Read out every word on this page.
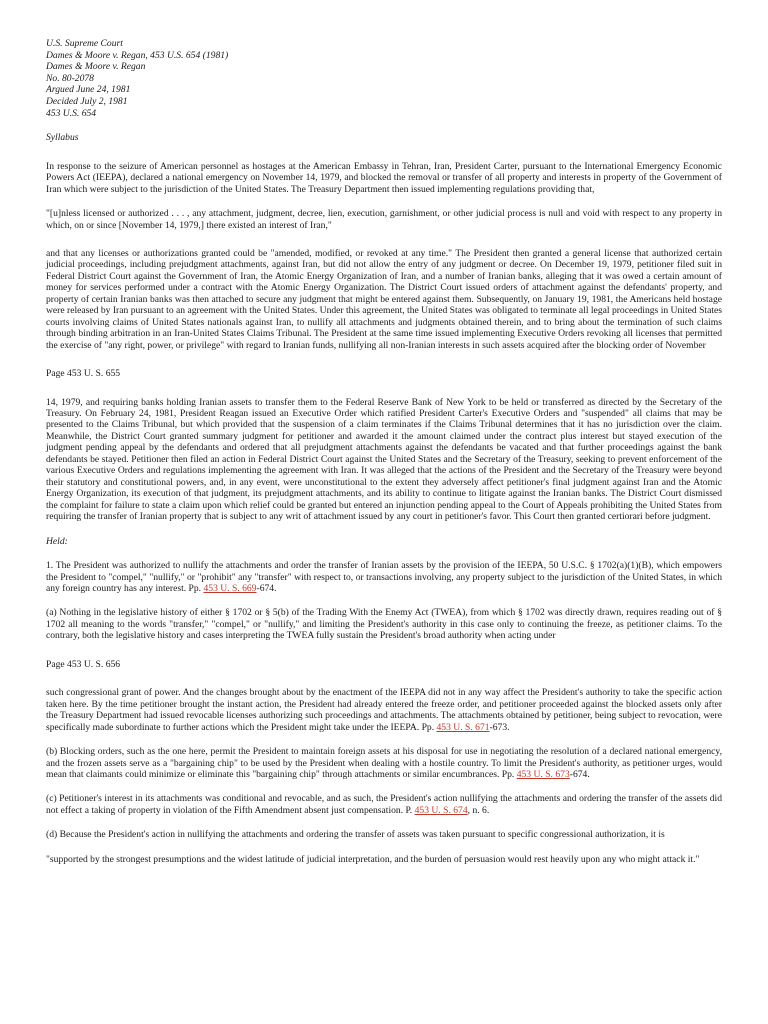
U.S. Supreme Court
Dames & Moore v. Regan, 453 U.S. 654 (1981)
Dames & Moore v. Regan
No. 80-2078
Argued June 24, 1981
Decided July 2, 1981
453 U.S. 654
Syllabus

In response to the seizure of American personnel as hostages at the American Embassy in Tehran, Iran, President Carter, pursuant to the International Emergency Economic Powers Act (IEEPA), declared a national emergency on November 14, 1979, and blocked the removal or transfer of all property and interests in property of the Government of Iran which were subject to the jurisdiction of the United States. The Treasury Department then issued implementing regulations providing that,

"[u]nless licensed or authorized . . . , any attachment, judgment, decree, lien, execution, garnishment, or other judicial process is null and void with respect to any property in which, on or since [November 14, 1979,] there existed an interest of Iran,"

and that any licenses or authorizations granted could be "amended, modified, or revoked at any time." The President then granted a general license that authorized certain judicial proceedings, including prejudgment attachments, against Iran, but did not allow the entry of any judgment or decree. On December 19, 1979, petitioner filed suit in Federal District Court against the Government of Iran, the Atomic Energy Organization of Iran, and a number of Iranian banks, alleging that it was owed a certain amount of money for services performed under a contract with the Atomic Energy Organization. The District Court issued orders of attachment against the defendants' property, and property of certain Iranian banks was then attached to secure any judgment that might be entered against them. Subsequently, on January 19, 1981, the Americans held hostage were released by Iran pursuant to an agreement with the United States. Under this agreement, the United States was obligated to terminate all legal proceedings in United States courts involving claims of United States nationals against Iran, to nullify all attachments and judgments obtained therein, and to bring about the termination of such claims through binding arbitration in an Iran-United States Claims Tribunal. The President at the same time issued implementing Executive Orders revoking all licenses that permitted the exercise of "any right, power, or privilege" with regard to Iranian funds, nullifying all non-Iranian interests in such assets acquired after the blocking order of November

Page 453 U. S. 655

14, 1979, and requiring banks holding Iranian assets to transfer them to the Federal Reserve Bank of New York to be held or transferred as directed by the Secretary of the Treasury. On February 24, 1981, President Reagan issued an Executive Order which ratified President Carter's Executive Orders and "suspended" all claims that may be presented to the Claims Tribunal, but which provided that the suspension of a claim terminates if the Claims Tribunal determines that it has no jurisdiction over the claim. Meanwhile, the District Court granted summary judgment for petitioner and awarded it the amount claimed under the contract plus interest but stayed execution of the judgment pending appeal by the defendants and ordered that all prejudgment attachments against the defendants be vacated and that further proceedings against the bank defendants be stayed. Petitioner then filed an action in Federal District Court against the United States and the Secretary of the Treasury, seeking to prevent enforcement of the various Executive Orders and regulations implementing the agreement with Iran. It was alleged that the actions of the President and the Secretary of the Treasury were beyond their statutory and constitutional powers, and, in any event, were unconstitutional to the extent they adversely affect petitioner's final judgment against Iran and the Atomic Energy Organization, its execution of that judgment, its prejudgment attachments, and its ability to continue to litigate against the Iranian banks. The District Court dismissed the complaint for failure to state a claim upon which relief could be granted but entered an injunction pending appeal to the Court of Appeals prohibiting the United States from requiring the transfer of Iranian property that is subject to any writ of attachment issued by any court in petitioner's favor. This Court then granted certiorari before judgment.

Held:

1. The President was authorized to nullify the attachments and order the transfer of Iranian assets by the provision of the IEEPA, 50 U.S.C. § 1702(a)(1)(B), which empowers the President to "compel," "nullify," or "prohibit" any "transfer" with respect to, or transactions involving, any property subject to the jurisdiction of the United States, in which any foreign country has any interest. Pp. 453 U. S. 669-674.

(a) Nothing in the legislative history of either § 1702 or § 5(b) of the Trading With the Enemy Act (TWEA), from which § 1702 was directly drawn, requires reading out of § 1702 all meaning to the words "transfer," "compel," or "nullify," and limiting the President's authority in this case only to continuing the freeze, as petitioner claims. To the contrary, both the legislative history and cases interpreting the TWEA fully sustain the President's broad authority when acting under

Page 453 U. S. 656

such congressional grant of power. And the changes brought about by the enactment of the IEEPA did not in any way affect the President's authority to take the specific action taken here. By the time petitioner brought the instant action, the President had already entered the freeze order, and petitioner proceeded against the blocked assets only after the Treasury Department had issued revocable licenses authorizing such proceedings and attachments. The attachments obtained by petitioner, being subject to revocation, were specifically made subordinate to further actions which the President might take under the IEEPA. Pp. 453 U. S. 671-673.

(b) Blocking orders, such as the one here, permit the President to maintain foreign assets at his disposal for use in negotiating the resolution of a declared national emergency, and the frozen assets serve as a "bargaining chip" to be used by the President when dealing with a hostile country. To limit the President's authority, as petitioner urges, would mean that claimants could minimize or eliminate this "bargaining chip" through attachments or similar encumbrances. Pp. 453 U. S. 673-674.

(c) Petitioner's interest in its attachments was conditional and revocable, and as such, the President's action nullifying the attachments and ordering the transfer of the assets did not effect a taking of property in violation of the Fifth Amendment absent just compensation. P. 453 U. S. 674, n. 6.

(d) Because the President's action in nullifying the attachments and ordering the transfer of assets was taken pursuant to specific congressional authorization, it is

"supported by the strongest presumptions and the widest latitude of judicial interpretation, and the burden of persuasion would rest heavily upon any who might attack it."
